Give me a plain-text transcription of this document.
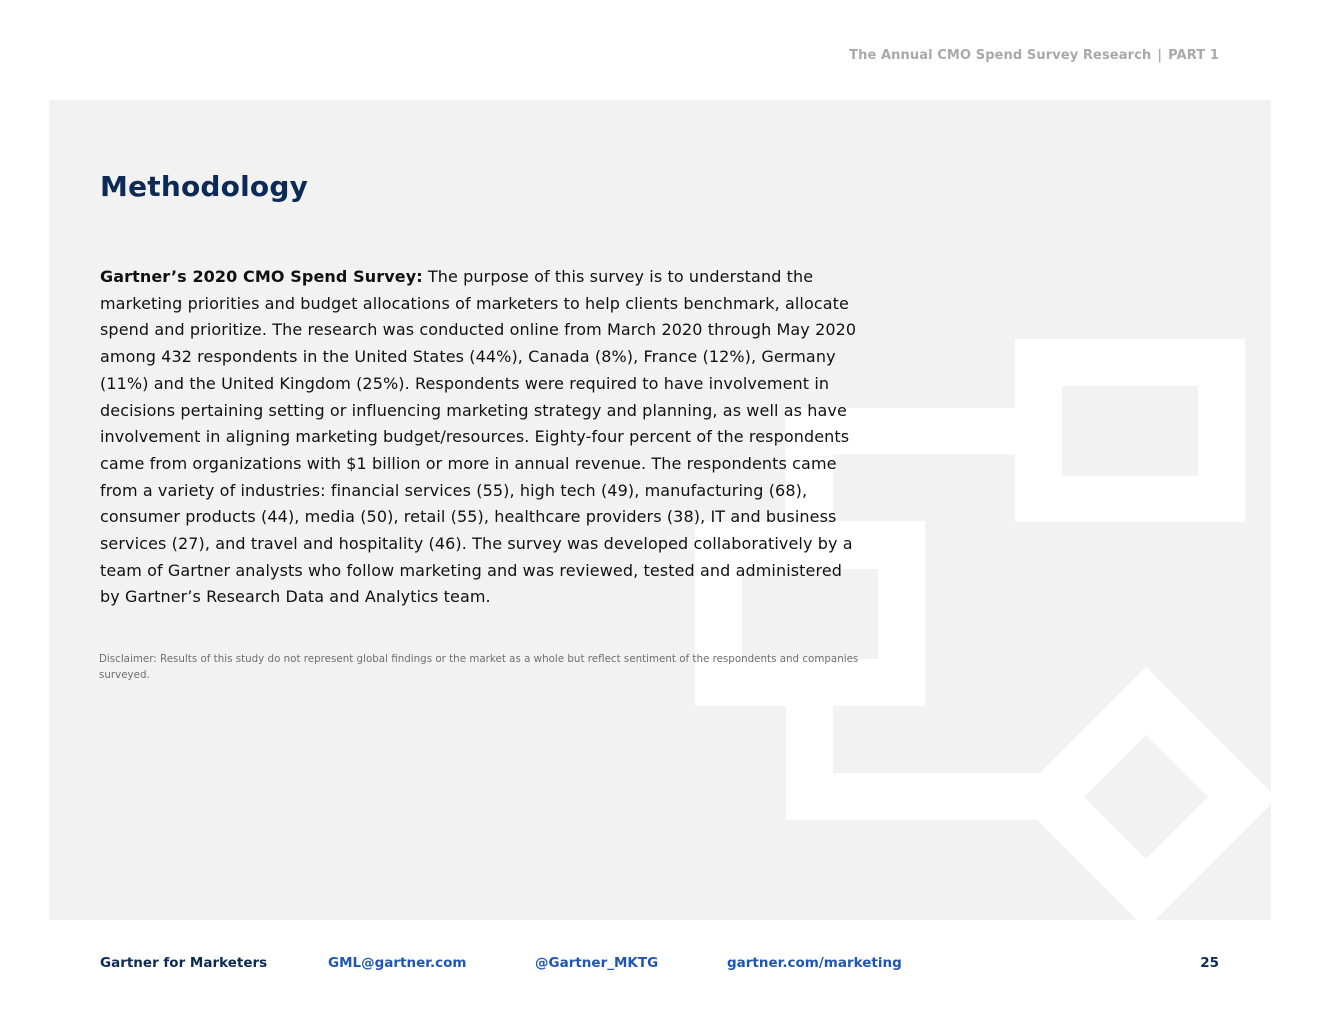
The Annual CMO Spend Survey Research | PART 1
Methodology

Gartner’s 2020 CMO Spend Survey: The purpose of this survey is to understand the marketing priorities and budget allocations of marketers to help clients benchmark, allocate spend and prioritize. The research was conducted online from March 2020 through May 2020 among 432 respondents in the United States (44%), Canada (8%), France (12%), Germany (11%) and the United Kingdom (25%). Respondents were required to have involvement in decisions pertaining setting or influencing marketing strategy and planning, as well as have involvement in aligning marketing budget/resources. Eighty-four percent of the respondents came from organizations with $1 billion or more in annual revenue. The respondents came from a variety of industries: financial services (55), high tech (49), manufacturing (68), consumer products (44), media (50), retail (55), healthcare providers (38), IT and business services (27), and travel and hospitality (46). The survey was developed collaboratively by a team of Gartner analysts who follow marketing and was reviewed, tested and administered by Gartner’s Research Data and Analytics team.

Disclaimer: Results of this study do not represent global findings or the market as a whole but reflect sentiment of the respondents and companies surveyed.

Gartner for Marketers	GML@gartner.com	@Gartner_MKTG	gartner.com/marketing	25
